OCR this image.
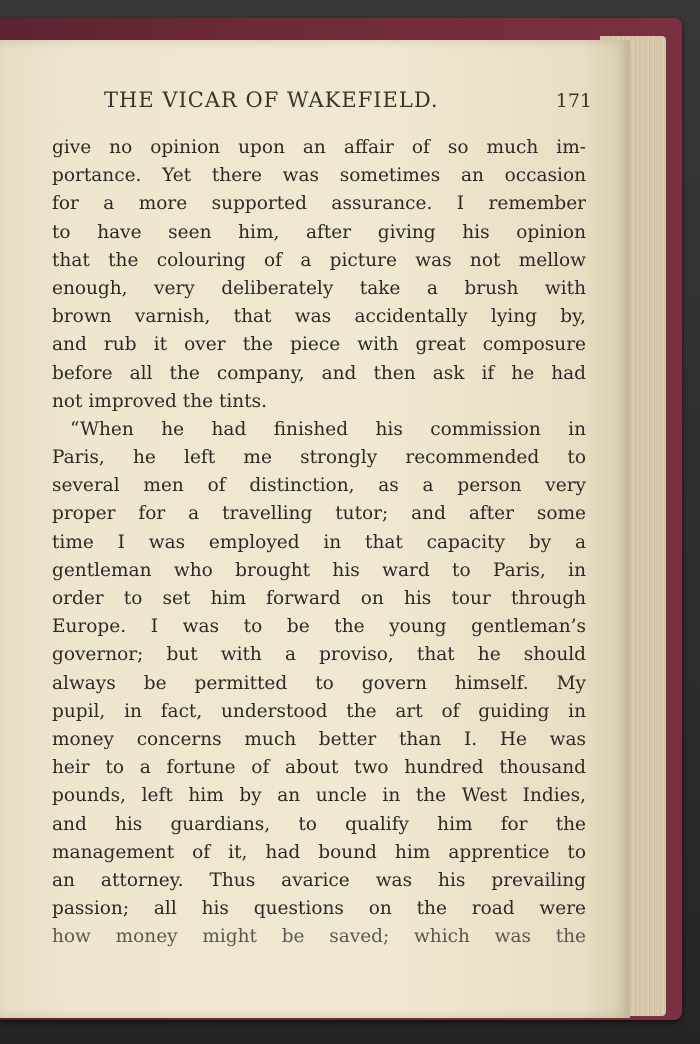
THE VICAR OF WAKEFIELD.	171
give no opinion upon an affair of so much im-
portance. Yet there was sometimes an occasion
for a more supported assurance. I remember
to have seen him, after giving his opinion
that the colouring of a picture was not mellow
enough, very deliberately take a brush with
brown varnish, that was accidentally lying by,
and rub it over the piece with great composure
before all the company, and then ask if he had
not improved the tints.
“When he had finished his commission in
Paris, he left me strongly recommended to
several men of distinction, as a person very
proper for a travelling tutor; and after some
time I was employed in that capacity by a
gentleman who brought his ward to Paris, in
order to set him forward on his tour through
Europe. I was to be the young gentleman’s
governor; but with a proviso, that he should
always be permitted to govern himself. My
pupil, in fact, understood the art of guiding in
money concerns much better than I. He was
heir to a fortune of about two hundred thousand
pounds, left him by an uncle in the West Indies,
and his guardians, to qualify him for the
management of it, had bound him apprentice to
an attorney. Thus avarice was his prevailing
passion; all his questions on the road were
how money might be saved; which was the
